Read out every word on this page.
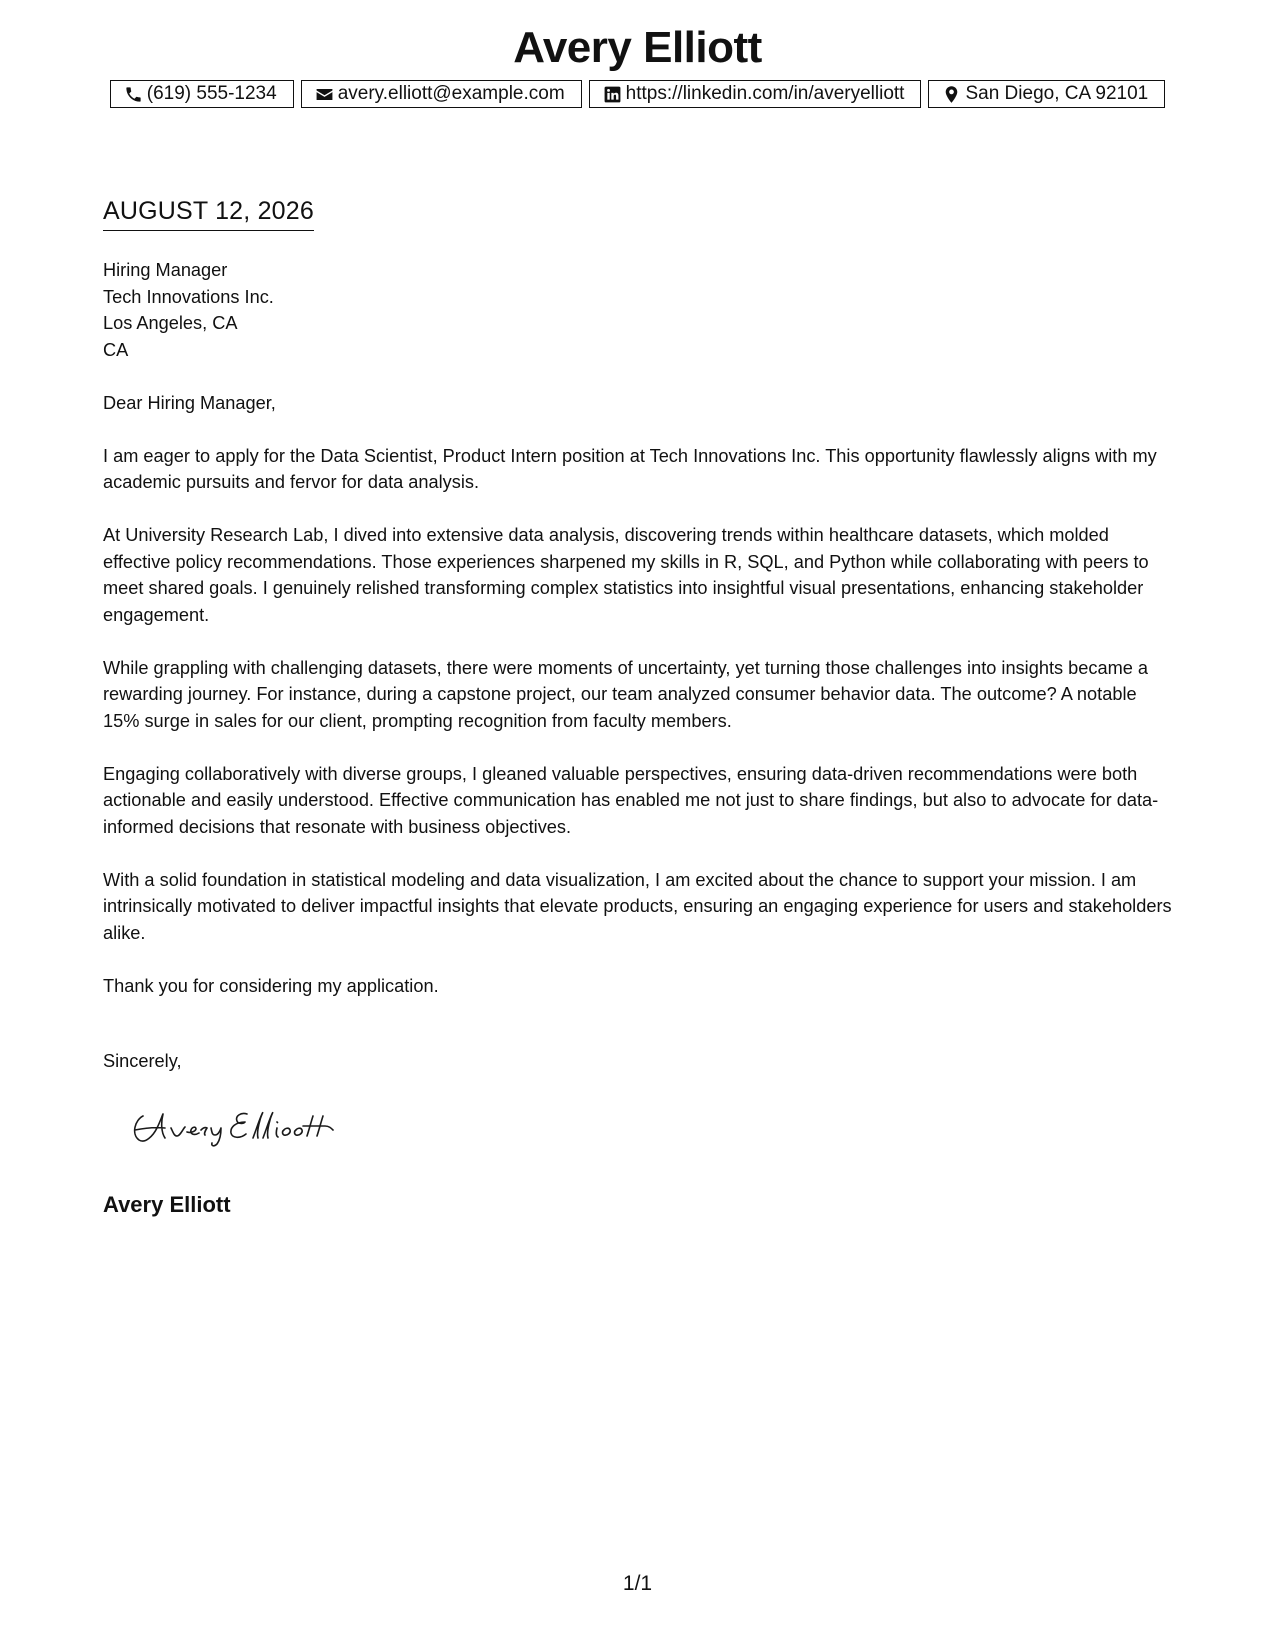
Avery Elliott
(619) 555-1234	avery.elliott@example.com	https://linkedin.com/in/averyelliott	San Diego, CA 92101
AUGUST 12, 2026
Hiring Manager
Tech Innovations Inc.
Los Angeles, CA
CA

Dear Hiring Manager,

I am eager to apply for the Data Scientist, Product Intern position at Tech Innovations Inc. This opportunity flawlessly aligns with my academic pursuits and fervor for data analysis.

At University Research Lab, I dived into extensive data analysis, discovering trends within healthcare datasets, which molded effective policy recommendations. Those experiences sharpened my skills in R, SQL, and Python while collaborating with peers to meet shared goals. I genuinely relished transforming complex statistics into insightful visual presentations, enhancing stakeholder engagement.

While grappling with challenging datasets, there were moments of uncertainty, yet turning those challenges into insights became a rewarding journey. For instance, during a capstone project, our team analyzed consumer behavior data. The outcome? A notable 15% surge in sales for our client, prompting recognition from faculty members.

Engaging collaboratively with diverse groups, I gleaned valuable perspectives, ensuring data-driven recommendations were both actionable and easily understood. Effective communication has enabled me not just to share findings, but also to advocate for data-informed decisions that resonate with business objectives.

With a solid foundation in statistical modeling and data visualization, I am excited about the chance to support your mission. I am intrinsically motivated to deliver impactful insights that elevate products, ensuring an engaging experience for users and stakeholders alike.

Thank you for considering my application.

Sincerely,
Avery Elliott
1/1
